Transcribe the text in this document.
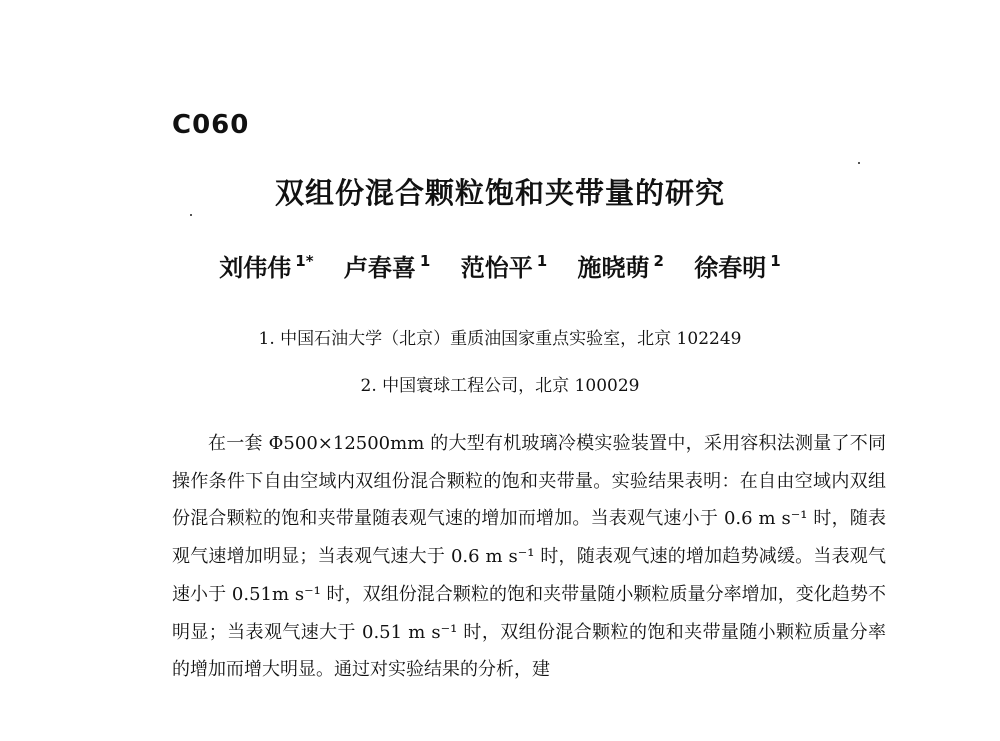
C060
双组份混合颗粒饱和夹带量的研究
刘伟伟 $^{1*}$ 卢春喜 $^1$ 范怡平 $^1$ 施晓萌 $^2$ 徐春明 $^1$
1. 中国石油大学（北京）重质油国家重点实验室，北京 102249
2. 中国寰球工程公司，北京 100029
在一套 Φ500×12500mm 的大型有机玻璃冷模实验装置中，采用容积法测量了不同操作条件下自由空域内双组份混合颗粒的饱和夹带量。实验结果表明：在自由空域内双组份混合颗粒的饱和夹带量随表观气速的增加而增加。当表观气速小于 0.6 m s⁻¹ 时，随表观气速增加明显；当表观气速大于 0.6 m s⁻¹ 时，随表观气速的增加趋势减缓。当表观气速小于 0.51m s⁻¹ 时，双组份混合颗粒的饱和夹带量随小颗粒质量分率增加，变化趋势不明显；当表观气速大于 0.51 m s⁻¹ 时，双组份混合颗粒的饱和夹带量随小颗粒质量分率的增加而增大明显。通过对实验结果的分析，建
